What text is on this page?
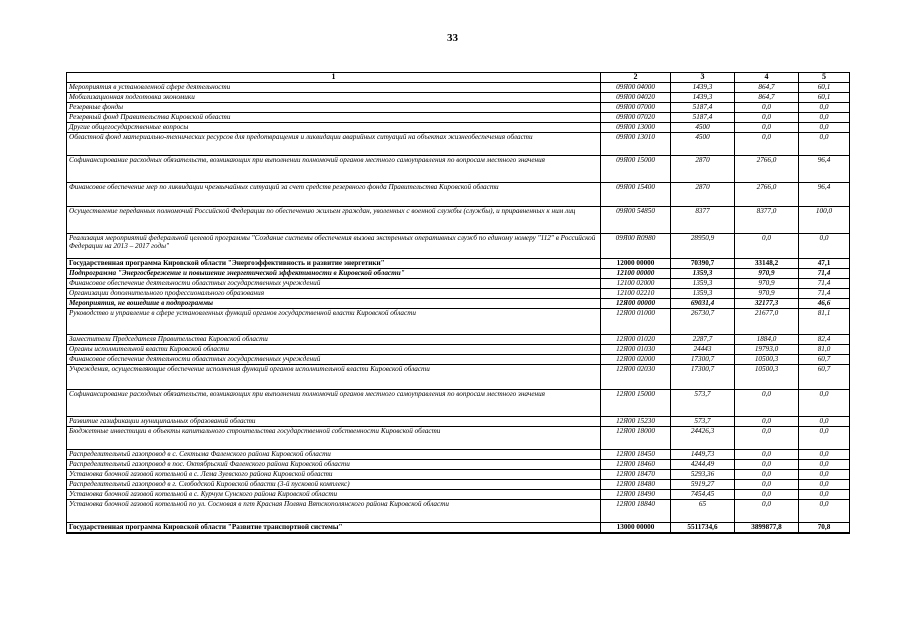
33
1	2	3	4	5
Мероприятия в установленной сфере деятельности	09Я00 04000	1439,3	864,7	60,1
Мобилизационная подготовка экономики	09Я00 04020	1439,3	864,7	60,1
Резервные фонды	09Я00 07000	5187,4	0,0	0,0
Резервный фонд Правительства Кировской области	09Я00 07020	5187,4	0,0	0,0
Другие общегосударственные вопросы	09Я00 13000	4500	0,0	0,0
Областной фонд материально-технических ресурсов для предотвращения и ликвидации аварийных ситуаций на объектах жизнеобеспечения области	09Я00 13010	4500	0,0	0,0
Софинансирование расходных обязательств, возникающих при выполнении полномочий органов местного самоуправления по вопросам местного значения	09Я00 15000	2870	2766,0	96,4
Финансовое обеспечение мер по ликвидации чрезвычайных ситуаций за счет средств резервного фонда Правительства Кировской области	09Я00 15400	2870	2766,0	96,4
Осуществление переданных полномочий Российской Федерации по обеспечению жильем граждан, уволенных с военной службы (службы), и приравненных к ним лиц	09Я00 54850	8377	8377,0	100,0
Реализация мероприятий федеральной целевой программы "Создание системы обеспечения вызова экстренных оперативных служб по единому номеру "112" в Российской Федерации на 2013 – 2017 годы"	09Я00 R0980	28950,9	0,0	0,0
Государственная программа Кировской области "Энергоэффективность и развитие энергетики"	12000 00000	70390,7	33148,2	47,1
Подпрограмма "Энергосбережение и повышение энергетической эффективности в Кировской области"	12100 00000	1359,3	970,9	71,4
Финансовое обеспечение деятельности областных государственных учреждений	12100 02000	1359,3	970,9	71,4
Организации дополнительного профессионального образования	12100 02210	1359,3	970,9	71,4
Мероприятия, не вошедшие в подпрограммы	12Я00 00000	69031,4	32177,3	46,6
Руководство и управление в сфере установленных функций органов государственной власти Кировской области	12Я00 01000	26730,7	21677,0	81,1
Заместители Председателя Правительства Кировской области	12Я00 01020	2287,7	1884,0	82,4
Органы исполнительной власти Кировской области	12Я00 01030	24443	19793,0	81,0
Финансовое обеспечение деятельности областных государственных учреждений	12Я00 02000	17300,7	10500,3	60,7
Учреждения, осуществляющие обеспечение исполнения функций органов исполнительной власти Кировской области	12Я00 02030	17300,7	10500,3	60,7
Софинансирование расходных обязательств, возникающих при выполнении полномочий органов местного самоуправления по вопросам местного значения	12Я00 15000	573,7	0,0	0,0
Развитие газификации муниципальных образований области	12Я00 15230	573,7	0,0	0,0
Бюджетные инвестиции в объекты капитального строительства государственной собственности Кировской области	12Я00 18000	24426,3	0,0	0,0
Распределительный газопровод в с. Сектыма Фаленского района Кировской области	12Я00 18450	1449,73	0,0	0,0
Распределительный газопровод в пос. Октябрьский Фаленского района Кировской области	12Я00 18460	4244,49	0,0	0,0
Установка блочной газовой котельной в с. Лема Зуевского района Кировской области	12Я00 18470	5293,36	0,0	0,0
Распределительный газопровод в г. Слободской Кировской области (3-й пусковой комплекс)	12Я00 18480	5919,27	0,0	0,0
Установка блочной газовой котельной в с. Курчум Сунского района Кировской области	12Я00 18490	7454,45	0,0	0,0
Установка блочной газовой котельной по ул. Сосновая в пгт Красная Поляна Вятскополянского района Кировской области	12Я00 18840	65	0,0	0,0
Государственная программа Кировской области "Развитие транспортной системы"	13000 00000	5511734,6	3899877,8	70,8
